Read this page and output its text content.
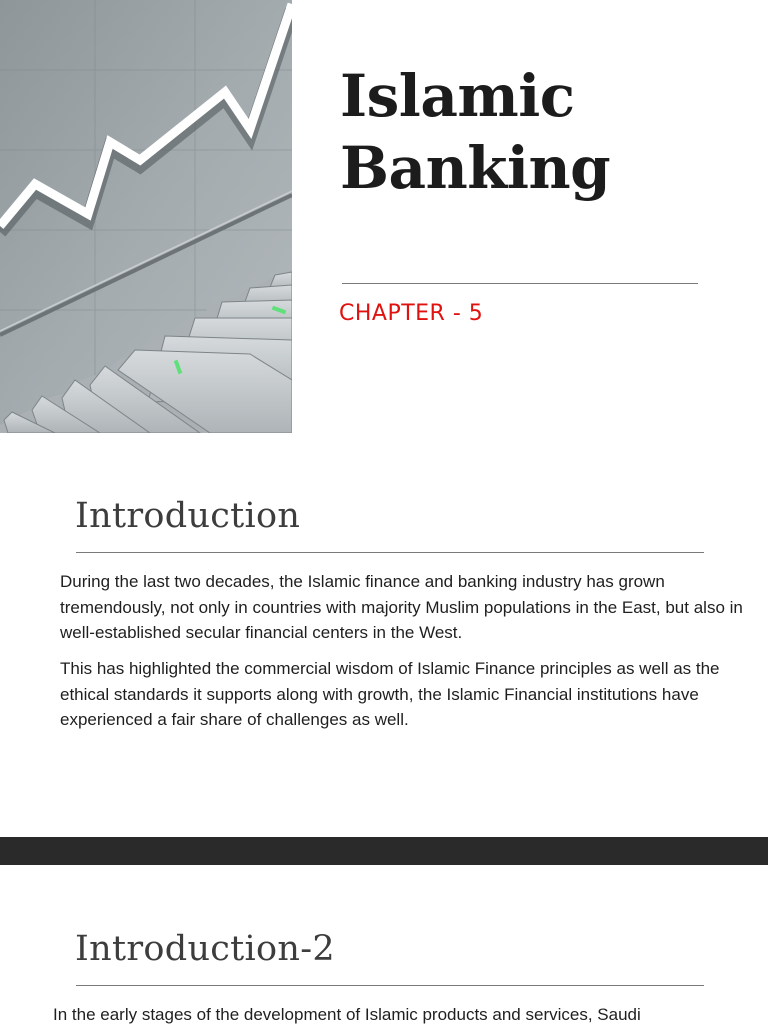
Islamic
Banking
CHAPTER - 5
Introduction

During the last two decades, the Islamic finance and banking industry has grown tremendously, not only in countries with majority Muslim populations in the East, but also in well-established secular financial centers in the West.

This has highlighted the commercial wisdom of Islamic Finance principles as well as the ethical standards it supports along with growth, the Islamic Financial institutions have experienced a fair share of challenges as well.

Introduction-2

In the early stages of the development of Islamic products and services, Saudi
